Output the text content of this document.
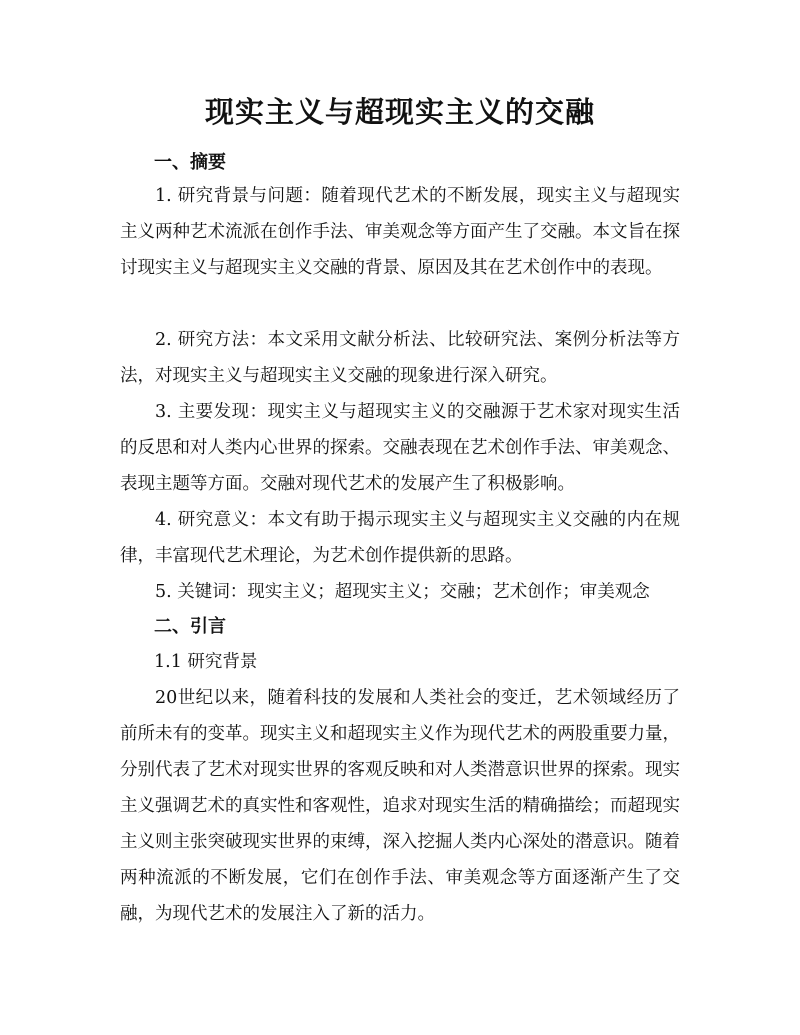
现实主义与超现实主义的交融
一、摘要

1. 研究背景与问题：随着现代艺术的不断发展，现实主义与超现实主义两种艺术流派在创作手法、审美观念等方面产生了交融。本文旨在探讨现实主义与超现实主义交融的背景、原因及其在艺术创作中的表现。

2. 研究方法：本文采用文献分析法、比较研究法、案例分析法等方法，对现实主义与超现实主义交融的现象进行深入研究。

3. 主要发现：现实主义与超现实主义的交融源于艺术家对现实生活的反思和对人类内心世界的探索。交融表现在艺术创作手法、审美观念、表现主题等方面。交融对现代艺术的发展产生了积极影响。

4. 研究意义：本文有助于揭示现实主义与超现实主义交融的内在规律，丰富现代艺术理论，为艺术创作提供新的思路。

5. 关键词：现实主义；超现实主义；交融；艺术创作；审美观念

二、引言

1.1 研究背景

20世纪以来，随着科技的发展和人类社会的变迁，艺术领域经历了前所未有的变革。现实主义和超现实主义作为现代艺术的两股重要力量，分别代表了艺术对现实世界的客观反映和对人类潜意识世界的探索。现实主义强调艺术的真实性和客观性，追求对现实生活的精确描绘；而超现实主义则主张突破现实世界的束缚，深入挖掘人类内心深处的潜意识。随着两种流派的不断发展，它们在创作手法、审美观念等方面逐渐产生了交融，为现代艺术的发展注入了新的活力。
